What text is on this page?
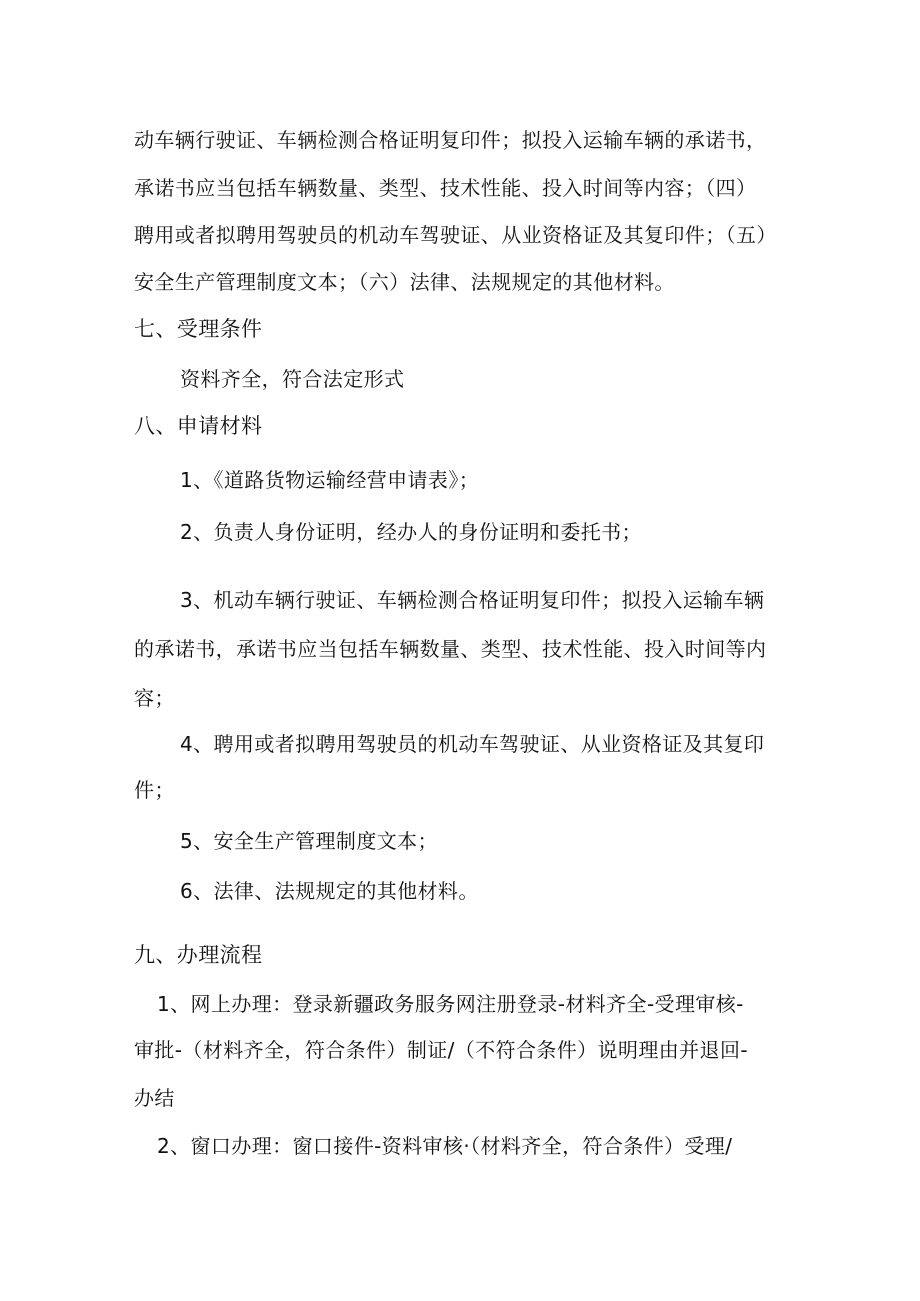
动车辆行驶证、车辆检测合格证明复印件；拟投入运输车辆的承诺书，
承诺书应当包括车辆数量、类型、技术性能、投入时间等内容；（四）
聘用或者拟聘用驾驶员的机动车驾驶证、从业资格证及其复印件；（五）
安全生产管理制度文本；（六）法律、法规规定的其他材料。
七、受理条件
资料齐全，符合法定形式
八、申请材料
1、《道路货物运输经营申请表》；
2、负责人身份证明，经办人的身份证明和委托书；
3、机动车辆行驶证、车辆检测合格证明复印件；拟投入运输车辆
的承诺书，承诺书应当包括车辆数量、类型、技术性能、投入时间等内
容；
4、聘用或者拟聘用驾驶员的机动车驾驶证、从业资格证及其复印
件；
5、安全生产管理制度文本；
6、法律、法规规定的其他材料。
九、办理流程
1、网上办理：登录新疆政务服务网注册登录-材料齐全-受理审核-
审批-（材料齐全，符合条件）制证/（不符合条件）说明理由并退回-
办结
2、窗口办理：窗口接件-资料审核·（材料齐全，符合条件）受理/
